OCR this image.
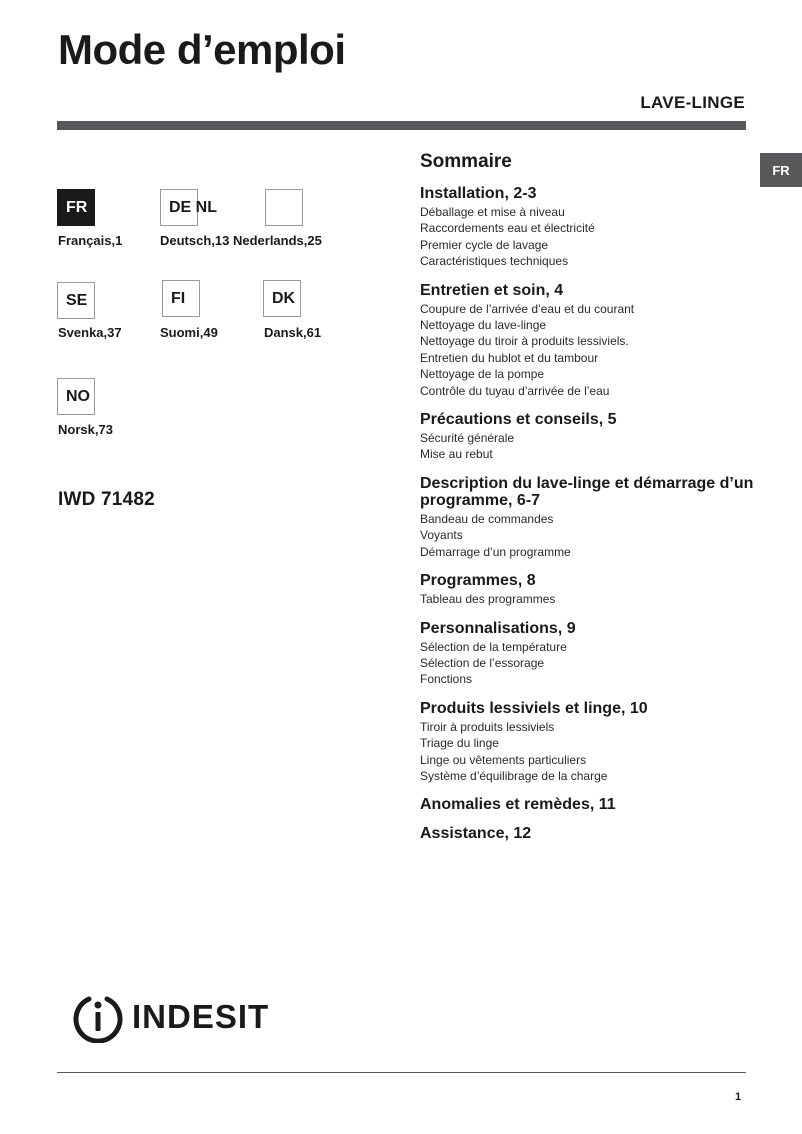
Mode d’emploi
LAVE-LINGE
FR
FR
Français,1
DE NL
Deutsch,13 Nederlands,25
SE
Svenka,37
FI
Suomi,49
DK
Dansk,61
NO
Norsk,73
IWD 71482
Sommaire
Installation, 2-3
Déballage et mise à niveau
Raccordements eau et électricité
Premier cycle de lavage
Caractéristiques techniques
Entretien et soin, 4
Coupure de l’arrivée d’eau et du courant
Nettoyage du lave-linge
Nettoyage du tiroir à produits lessiviels.
Entretien du hublot et du tambour
Nettoyage de la pompe
Contrôle du tuyau d’arrivée de l’eau
Précautions et conseils, 5
Sécurité générale
Mise au rebut
Description du lave-linge et démarrage d’un programme, 6-7
Bandeau de commandes
Voyants
Démarrage d’un programme
Programmes, 8
Tableau des programmes
Personnalisations, 9
Sélection de la température
Sélection de l’essorage
Fonctions
Produits lessiviels et linge, 10
Tiroir à produits lessiviels
Triage du linge
Linge ou vêtements particuliers
Système d’équilibrage de la charge
Anomalies et remèdes, 11
Assistance, 12
INDESIT
1
